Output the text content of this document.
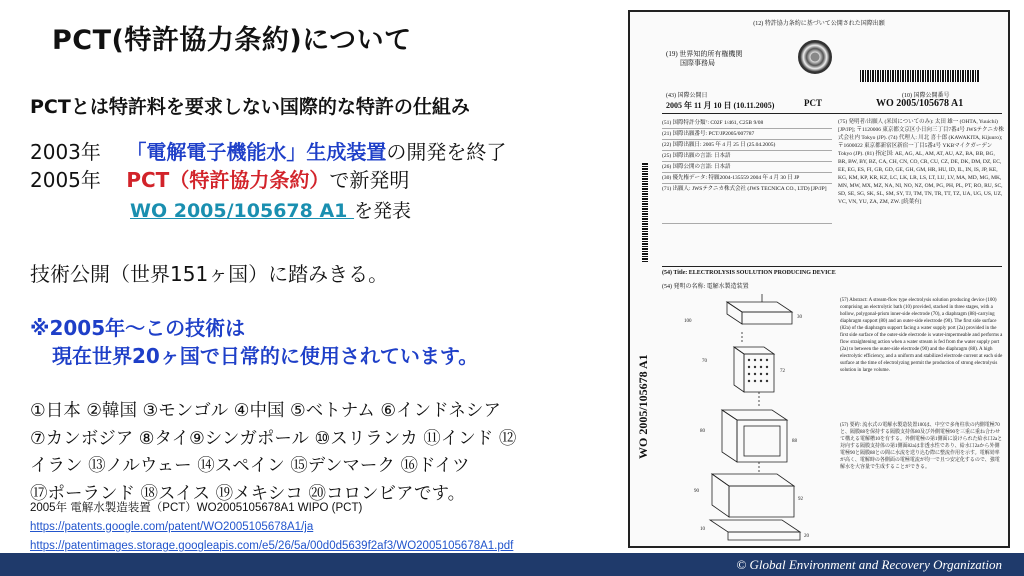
PCT(特許協力条約)について
PCTとは特許料を要求しない国際的な特許の仕組み
2003年 「電解電子機能水」生成装置の開発を終了
2005年 PCT（特許協力条約）で新発明
WO 2005/105678 A1 を発表
技術公開（世界151ヶ国）に踏みきる。
※2005年～この技術は
現在世界20ヶ国で日常的に使用されています。
①日本 ②韓国 ③モンゴル ④中国 ⑤ベトナム ⑥インドネシア
⑦カンボジア ⑧タイ⑨シンガポール ⑩スリランカ ⑪インド ⑫
イラン ⑬ノルウェー ⑭スペイン ⑮デンマーク ⑯ドイツ
⑰ポーランド ⑱スイス ⑲メキシコ ⑳コロンビアです。
2005年 電解水製造装置（PCT）WO2005105678A1 WIPO (PCT)
https://patents.google.com/patent/WO2005105678A1/ja
https://patentimages.storage.googleapis.com/e5/26/5a/00d0d5639f2af3/WO2005105678A1.pdf
(12) 特許協力条約に基づいて公開された国際出願
(19) 世界知的所有権機関
国際事務局
(10) 国際公開番号
(43) 国際公開日
2005 年 11 月 10 日 (10.11.2005)	PCT	WO 2005/105678 A1
(51) 国際特許分類⁷: C02F 1/461, C25B 9/08
(21) 国際出願番号: PCT/JP2005/007787
(22) 国際出願日: 2005 年 4 月 25 日 (25.04.2005)
(25) 国際出願の言語: 日本語
(26) 国際公開の言語: 日本語
(30) 優先権データ: 特願2004-135559 2004 年 4 月 30 日 JP
(71) 出願人: JWSテクニカ株式会社 (JWS TECNICA CO., LTD) [JP/JP]
(75) 発明者/出願人 (米国についてのみ): 太田 雄一 (OHTA, Yuuichi) [JP/JP]; 〒1120006 東京都文京区小日向三丁目7番4号 JWSテクニカ株式会社内 Tokyo (JP). (74) 代理人: 川北 喜十郎 (KAWAKITA, Kijuuro); 〒1600022 東京都新宿区新宿一丁目5番4号 YKBマイクガーデン Tokyo (JP). (81) 指定国: AE, AG, AL, AM, AT, AU, AZ, BA, BB, BG, BR, BW, BY, BZ, CA, CH, CN, CO, CR, CU, CZ, DE, DK, DM, DZ, EC, EE, EG, ES, FI, GB, GD, GE, GH, GM, HR, HU, ID, IL, IN, IS, JP, KE, KG, KM, KP, KR, KZ, LC, LK, LR, LS, LT, LU, LV, MA, MD, MG, MK, MN, MW, MX, MZ, NA, NI, NO, NZ, OM, PG, PH, PL, PT, RO, RU, SC, SD, SE, SG, SK, SL, SM, SY, TJ, TM, TN, TR, TT, TZ, UA, UG, US, UZ, VC, VN, YU, ZA, ZM, ZW. [続葉有]
(54) Title: ELECTROLYSIS SOULUTION PRODUCING DEVICE
(54) 発明の名称: 電解水製造装置
WO 2005/105678 A1
100
30
70
72
80
88
90
92
10
20
(57) Abstract: A stream-flow type electrolysis solution producing device (100) comprising an electrolytic bath (10) provided, stacked in three stages, with a hollow, polygonal-prism inner-side electrode (70), a diaphragm (88)-carrying diaphragm support (80) and an outer-side electrode (90). The first side surface (82a) of the diaphragm support facing a water supply port (2a) provided in the first side surface of the outer-side electrode is water-impermeable and performs a flow straightening action when a water stream is fed from the water supply port (2a) to between the outer-side electrode (90) and the diaphragm (88). A high electrolytic efficiency, and a uniform and stabilized electrode current at each side surface at the time of electrolyzing permit the production of strong electrolysis solution in large volume.
(57) 要約: 流水式の電解水製造装置100は、中空で多角柱状の内側電極70と、隔膜88を保持する隔膜支持体80及び外側電極90を三重に重ね合わせて構える電解槽10を有する。外側電極の第1側面に設けられた給水口2aと対向する隔膜支持体の第1側面82aは非透水性であり、給水口2aから外側電極90と隔膜88との間に水流を送り込む際に整流作用を示す。電解効率が高く、電解時の各側面の電極電流が均一で且つ安定化するので、強電解水を大容量で生成することができる。
© Global Environment and Recovery Organization
